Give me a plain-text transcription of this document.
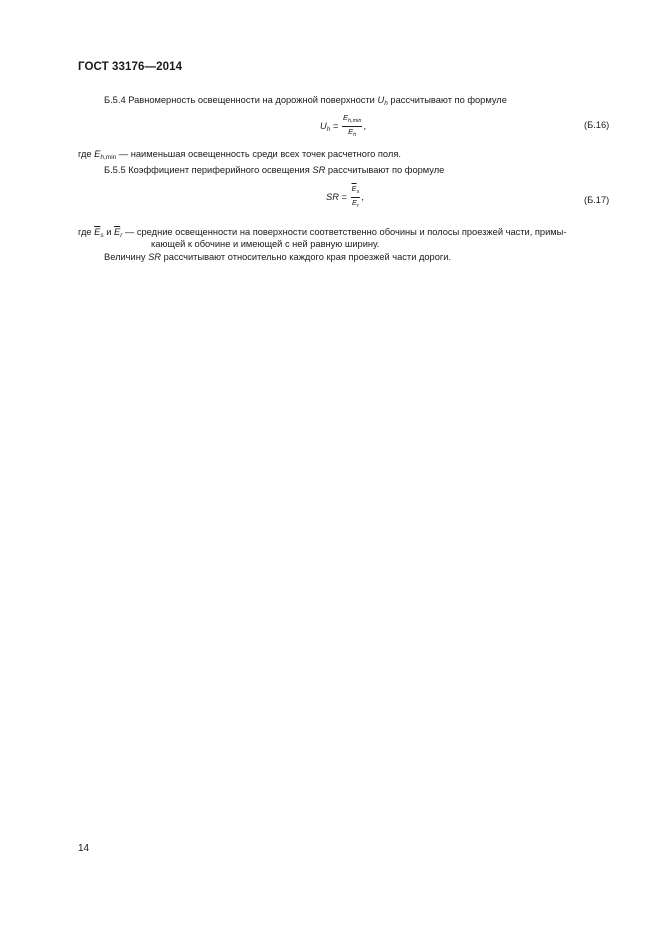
ГОСТ 33176—2014
Б.5.4 Равномерность освещенности на дорожной поверхности $U_h$ рассчитывают по формуле
$U_h = \frac{E_{h,min}}{\overline{E}_h}$ ,	(Б.16)
где $E_{h,min}$ — наименьшая освещенность среди всех точек расчетного поля.
Б.5.5 Коэффициент периферийного освещения SR рассчитывают по формуле
SR = $\frac{\overline{E}_s}{\overline{E}_r}$ ,	(Б.17)
где $\overline{E}_s$ и $\overline{E}_r$ — средние освещенности на поверхности соответственно обочины и полосы проезжей части, примы-
кающей к обочине и имеющей с ней равную ширину.
Величину SR рассчитывают относительно каждого края проезжей части дороги.
14
